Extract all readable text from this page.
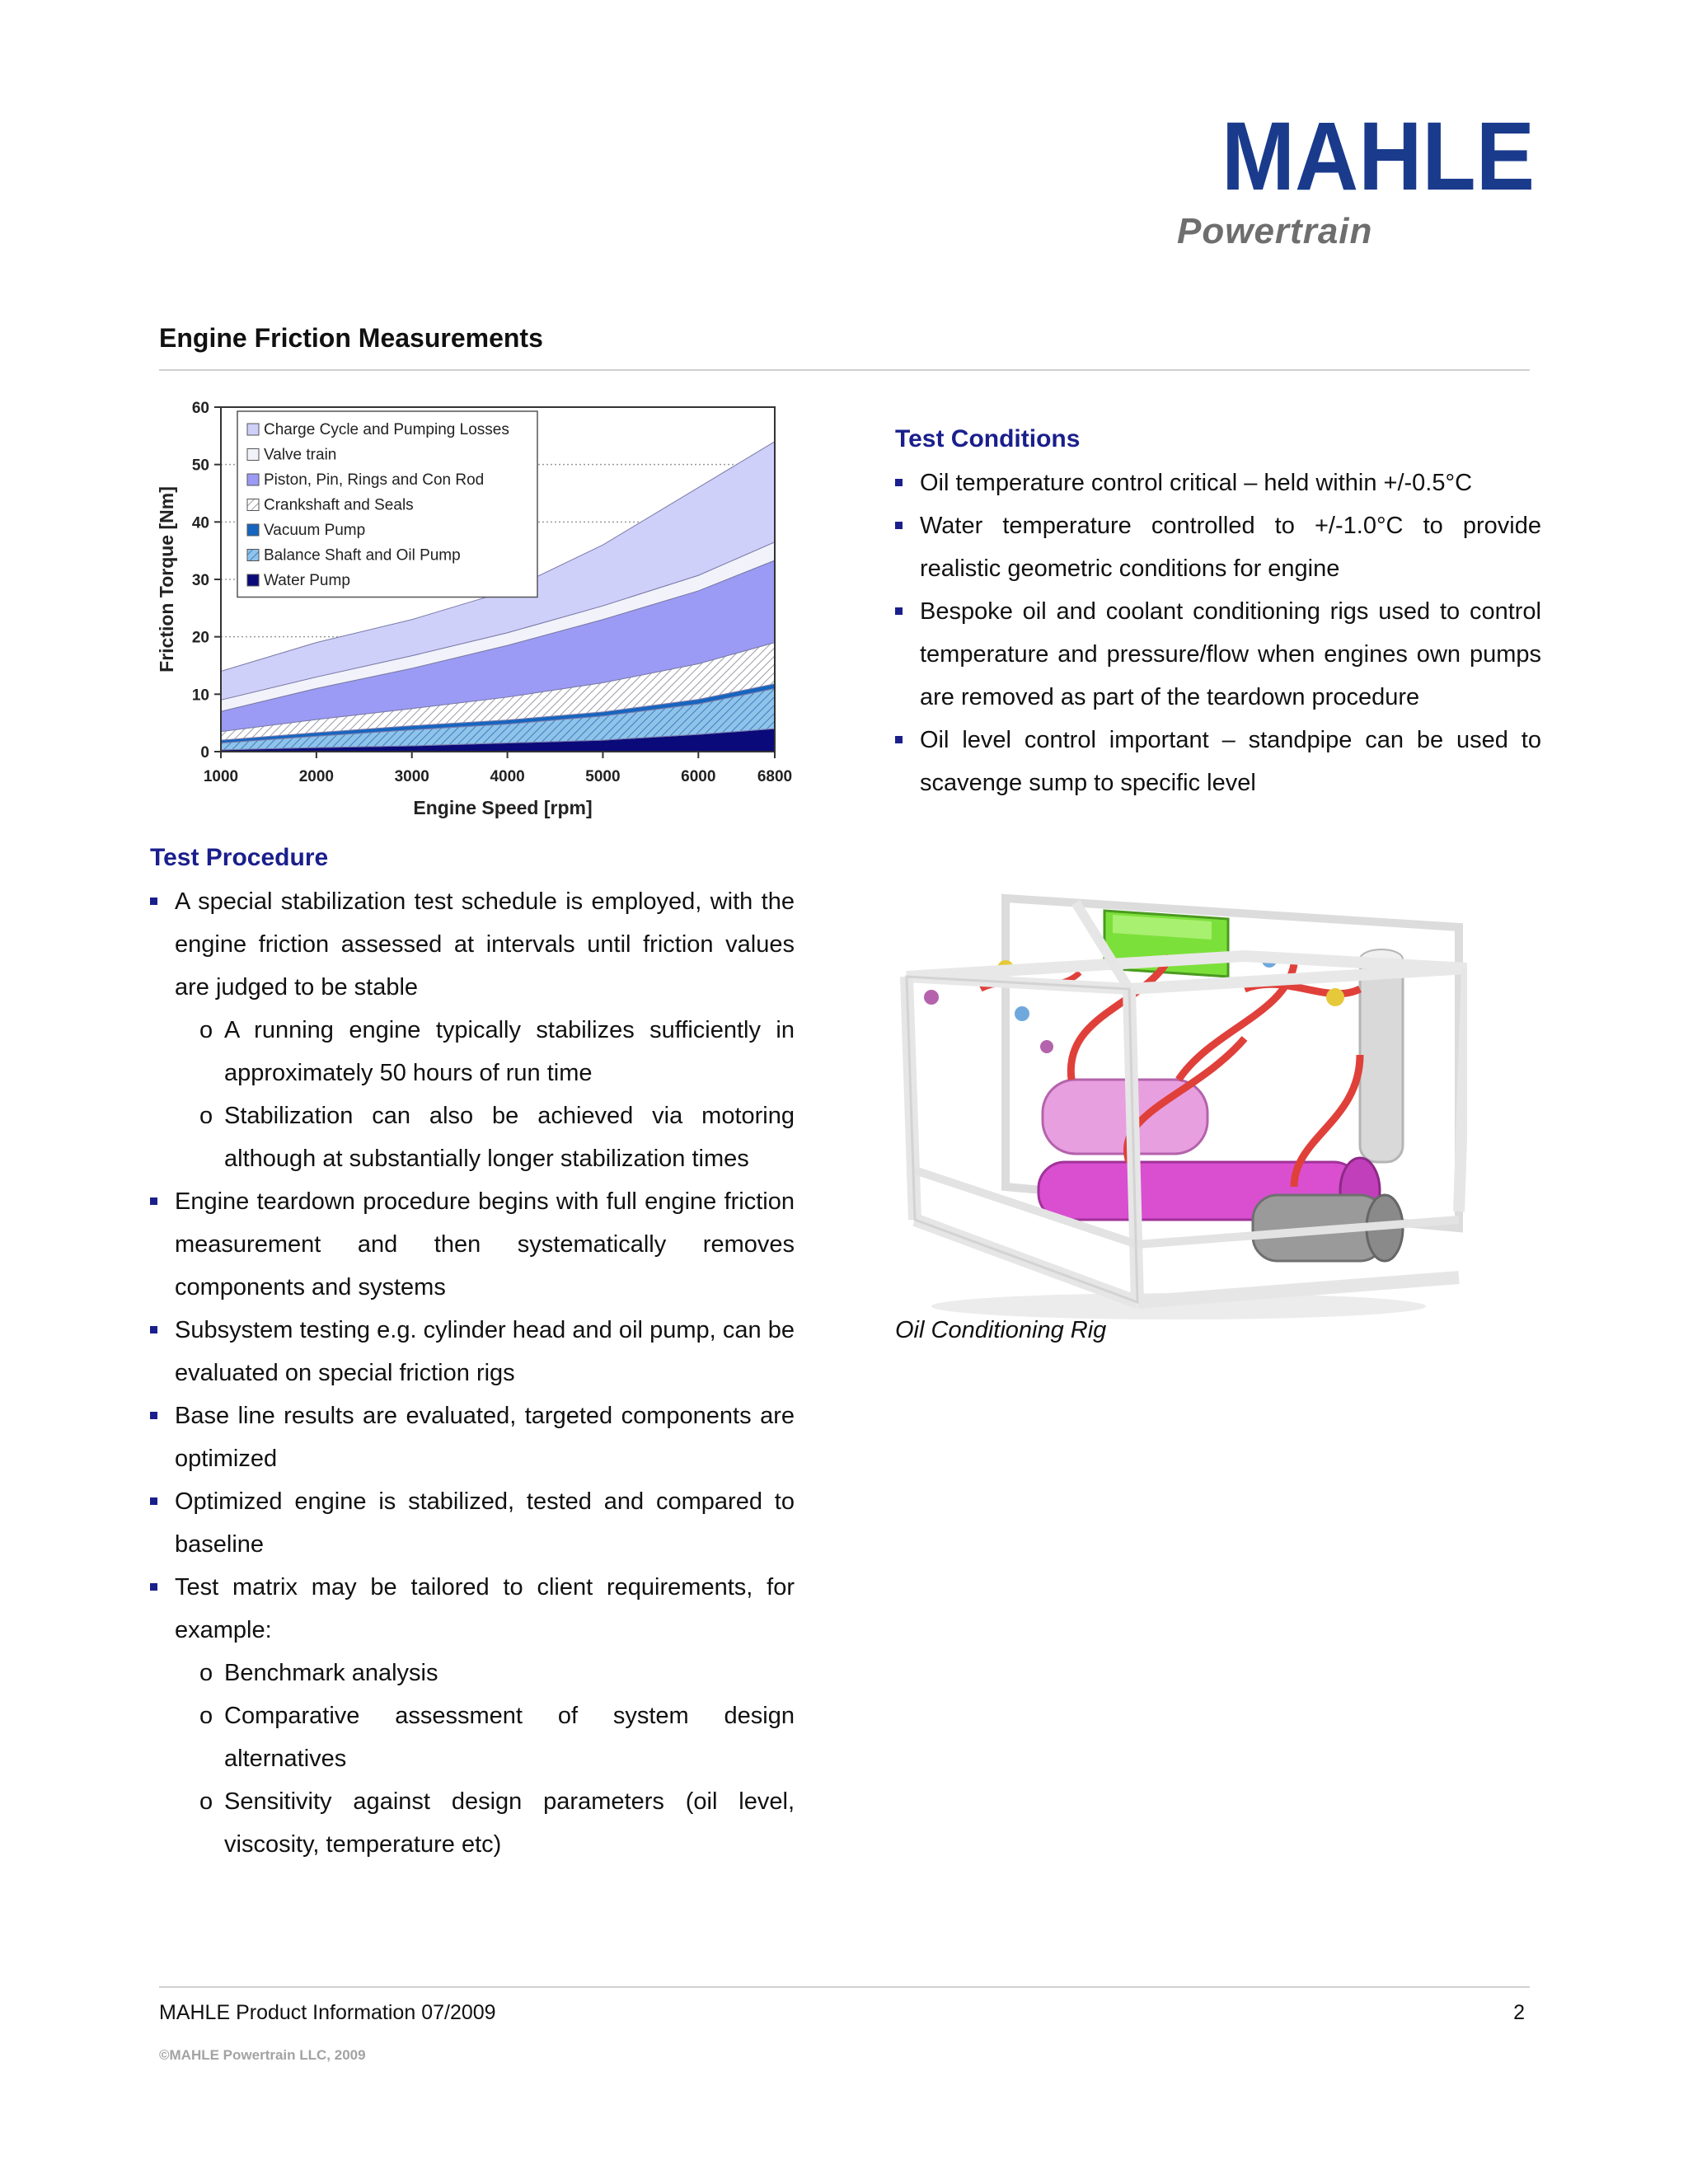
MAHLE
Powertrain
Engine Friction Measurements
0
10
20
30
40
50
60
1000	2000	3000	4000	5000	6000	6800
Friction Torque [Nm]
Engine Speed [rpm]
Charge Cycle and Pumping Losses
Valve train
Piston, Pin, Rings and Con Rod
Crankshaft and Seals
Vacuum Pump
Balance Shaft and Oil Pump
Water Pump
Test Conditions
Oil temperature control critical – held within +/-0.5°C
Water temperature controlled to +/-1.0°C to provide realistic geometric conditions for engine
Bespoke oil and coolant conditioning rigs used to control temperature and pressure/flow when engines own pumps are removed as part of the teardown procedure
Oil level control important – standpipe can be used to scavenge sump to specific level
Oil Conditioning Rig
Test Procedure
A special stabilization test schedule is employed, with the engine friction assessed at intervals until friction values are judged to be stable
o A running engine typically stabilizes sufficiently in approximately 50 hours of run time
o Stabilization can also be achieved via motoring although at substantially longer stabilization times
Engine teardown procedure begins with full engine friction measurement and then systematically removes components and systems
Subsystem testing e.g. cylinder head and oil pump, can be evaluated on special friction rigs
Base line results are evaluated, targeted components are optimized
Optimized engine is stabilized, tested and compared to baseline
Test matrix may be tailored to client requirements, for example:
o Benchmark analysis
o Comparative assessment of system design alternatives
o Sensitivity against design parameters (oil level, viscosity, temperature etc)
MAHLE Product Information 07/2009	2
©MAHLE Powertrain LLC, 2009
